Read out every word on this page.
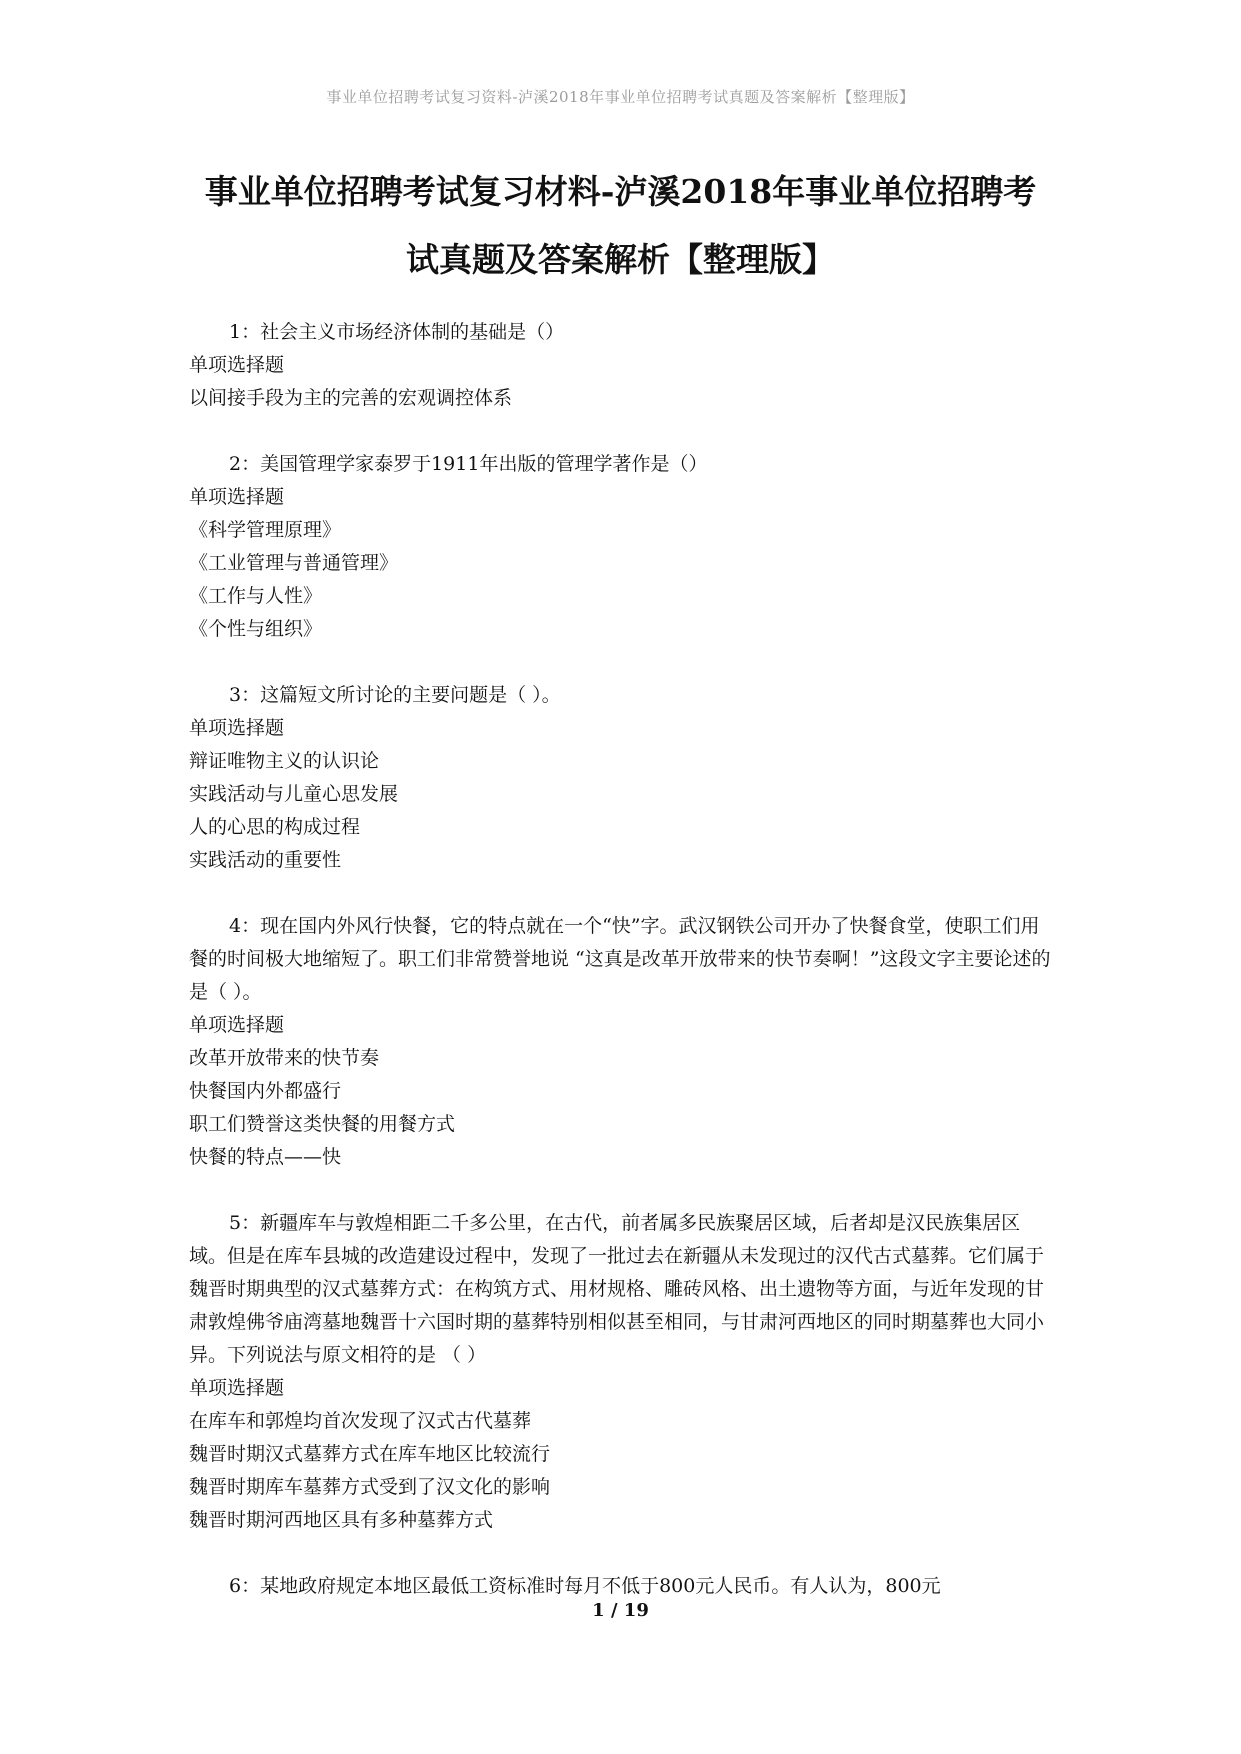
事业单位招聘考试复习资料-泸溪2018年事业单位招聘考试真题及答案解析【整理版】
事业单位招聘考试复习材料-泸溪2018年事业单位招聘考
试真题及答案解析【整理版】

1：社会主义市场经济体制的基础是（）

单项选择题

以间接手段为主的完善的宏观调控体系

2：美国管理学家泰罗于1911年出版的管理学著作是（）

单项选择题

《科学管理原理》

《工业管理与普通管理》

《工作与人性》

《个性与组织》

3：这篇短文所讨论的主要问题是（ ）。

单项选择题

辩证唯物主义的认识论

实践活动与儿童心思发展

人的心思的构成过程

实践活动的重要性

4：现在国内外风行快餐，它的特点就在一个“快”字。武汉钢铁公司开办了快餐食堂，使职工们用餐的时间极大地缩短了。职工们非常赞誉地说 “这真是改革开放带来的快节奏啊！”这段文字主要论述的是（ ）。

单项选择题

改革开放带来的快节奏

快餐国内外都盛行

职工们赞誉这类快餐的用餐方式

快餐的特点——快

5：新疆库车与敦煌相距二千多公里，在古代，前者属多民族聚居区域，后者却是汉民族集居区域。但是在库车县城的改造建设过程中，发现了一批过去在新疆从未发现过的汉代古式墓葬。它们属于魏晋时期典型的汉式墓葬方式：在构筑方式、用材规格、雕砖风格、出土遗物等方面，与近年发现的甘肃敦煌佛爷庙湾墓地魏晋十六国时期的墓葬特别相似甚至相同，与甘肃河西地区的同时期墓葬也大同小异。下列说法与原文相符的是 （ ）

单项选择题

在库车和郭煌均首次发现了汉式古代墓葬

魏晋时期汉式墓葬方式在库车地区比较流行

魏晋时期库车墓葬方式受到了汉文化的影响

魏晋时期河西地区具有多种墓葬方式

6：某地政府规定本地区最低工资标准时每月不低于800元人民币。有人认为，800元

1 / 19
